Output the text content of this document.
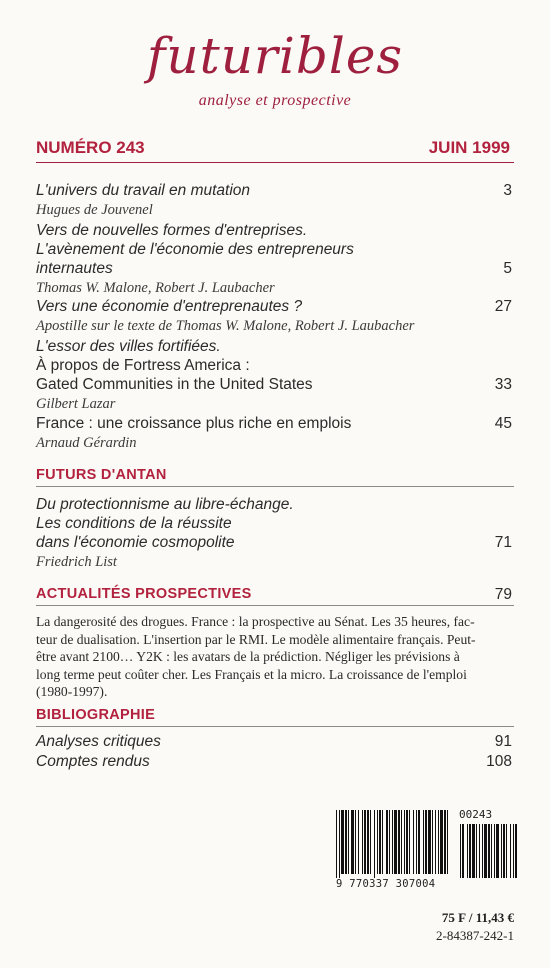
futuribles
analyse et prospective
NUMÉRO 243	JUIN 1999
L'univers du travail en mutation	3
Hugues de Jouvenel
Vers de nouvelles formes d'entreprises.
L'avènement de l'économie des entrepreneurs
internautes	5
Thomas W. Malone, Robert J. Laubacher
Vers une économie d'entreprenautes ?	27
Apostille sur le texte de Thomas W. Malone, Robert J. Laubacher
L'essor des villes fortifiées.
À propos de Fortress America :
Gated Communities in the United States	33
Gilbert Lazar
France : une croissance plus riche en emplois	45
Arnaud Gérardin
FUTURS D'ANTAN
Du protectionnisme au libre-échange.
Les conditions de la réussite
dans l'économie cosmopolite	71
Friedrich List
ACTUALITÉS PROSPECTIVES	79
La dangerosité des drogues. France : la prospective au Sénat. Les 35 heures, fac-
teur de dualisation. L'insertion par le RMI. Le modèle alimentaire français. Peut-
être avant 2100… Y2K : les avatars de la prédiction. Négliger les prévisions à
long terme peut coûter cher. Les Français et la micro. La croissance de l'emploi
(1980-1997).
BIBLIOGRAPHIE
Analyses critiques	91
Comptes rendus	108
00243
9 770337 307004
75 F / 11,43 €
2-84387-242-1
